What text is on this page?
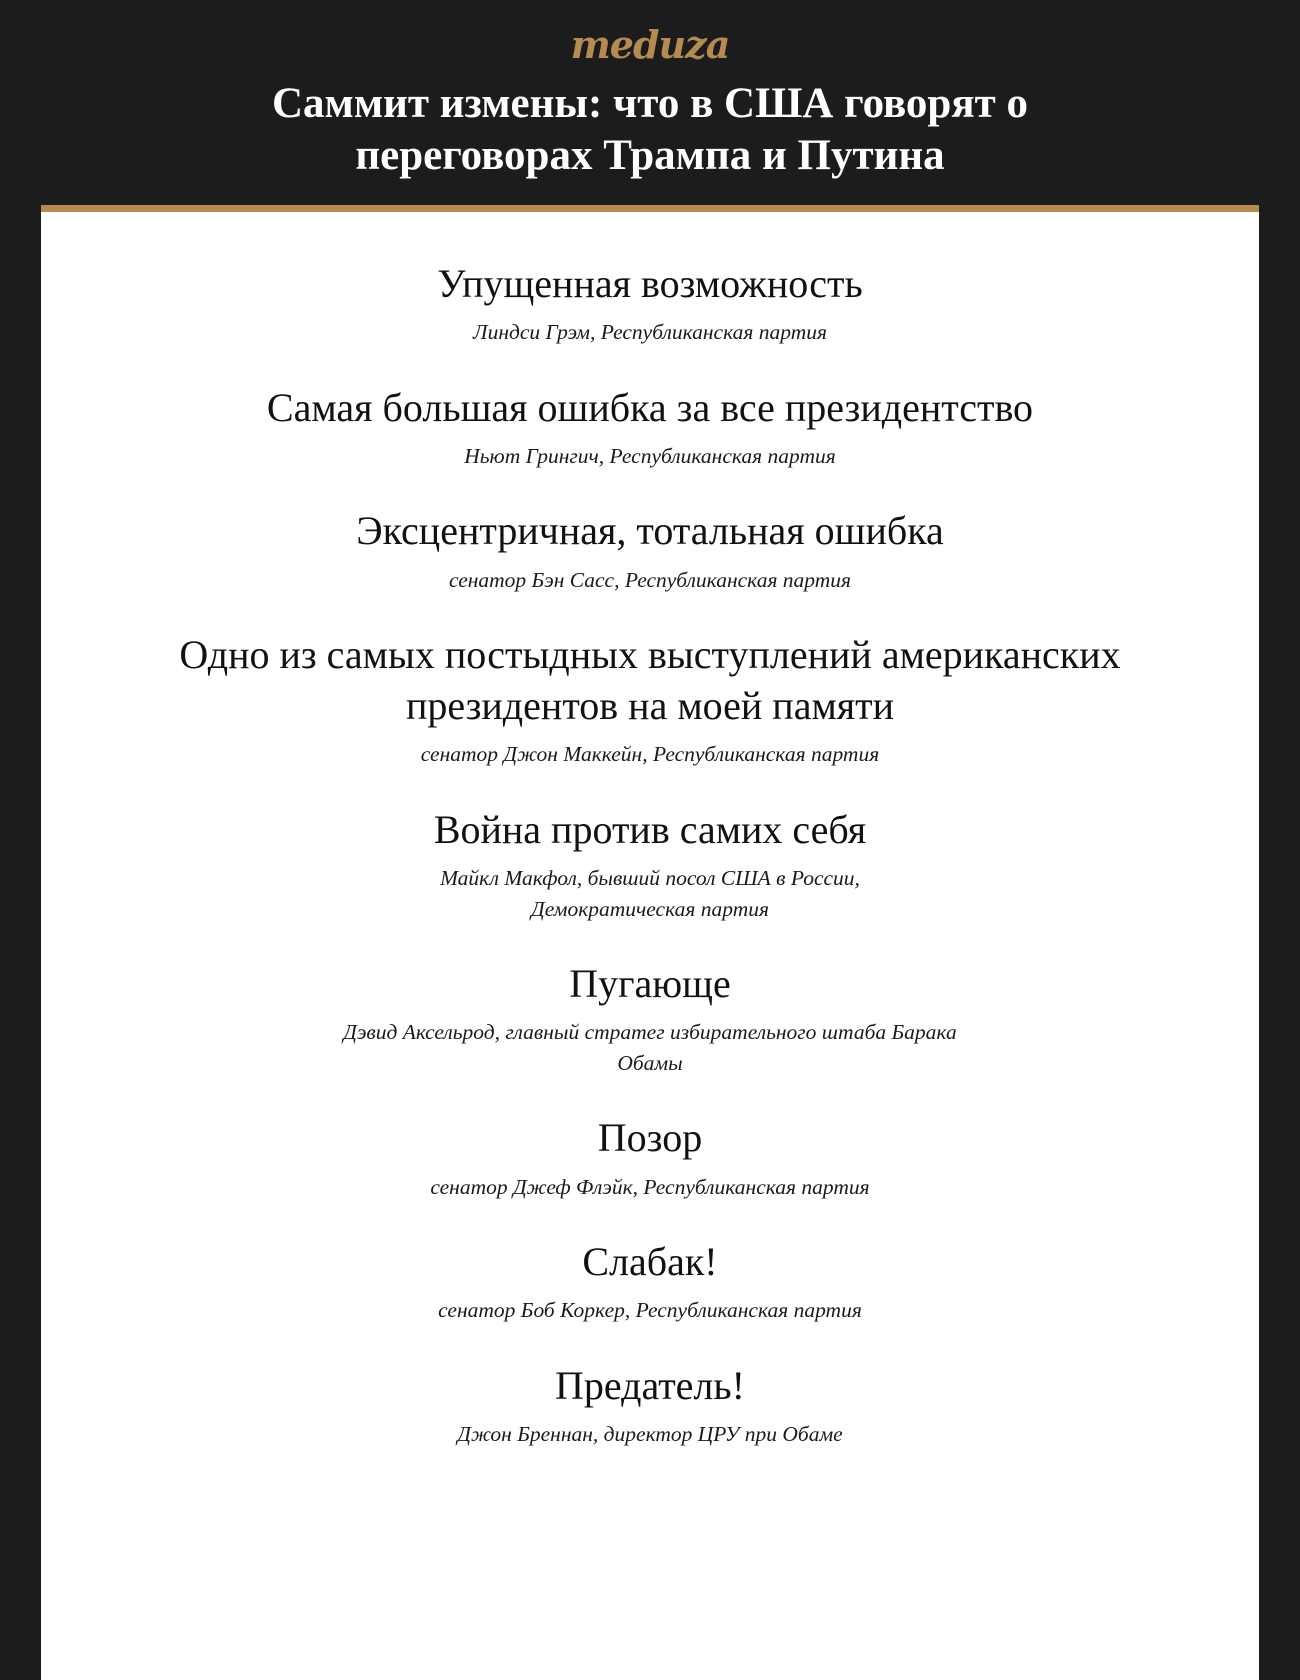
meduza
Саммит измены: что в США говорят о переговорах Трампа и Путина

Упущенная возможность

Линдси Грэм, Республиканская партия

Самая большая ошибка за все президентство

Ньют Грингич, Республиканская партия

Эксцентричная, тотальная ошибка

сенатор Бэн Сасс, Республиканская партия

Одно из самых постыдных выступлений американских президентов на моей памяти

сенатор Джон Маккейн, Республиканская партия

Война против самих себя

Майкл Макфол, бывший посол США в России, Демократическая партия

Пугающе

Дэвид Аксельрод, главный стратег избирательного штаба Барака Обамы

Позор

сенатор Джеф Флэйк, Республиканская партия

Слабак!

сенатор Боб Коркер, Республиканская партия

Предатель!

Джон Бреннан, директор ЦРУ при Обаме
